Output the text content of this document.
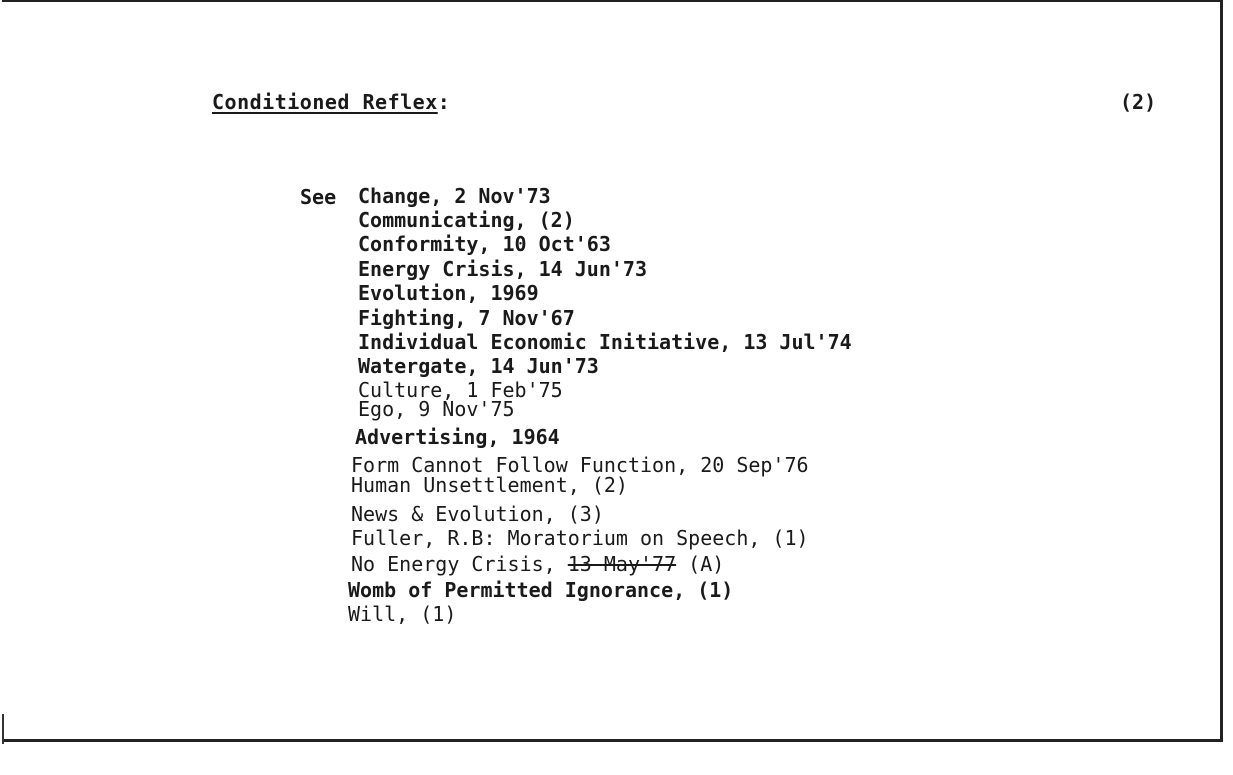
Conditioned Reflex:	(2)
See Change, 2 Nov'73
Communicating, (2)
Conformity, 10 Oct'63
Energy Crisis, 14 Jun'73
Evolution, 1969
Fighting, 7 Nov'67
Individual Economic Initiative, 13 Jul'74
Watergate, 14 Jun'73
Culture, 1 Feb'75
Ego, 9 Nov'75
Advertising, 1964
Form Cannot Follow Function, 20 Sep'76
Human Unsettlement, (2)
News & Evolution, (3)
Fuller, R.B: Moratorium on Speech, (1)
No Energy Crisis, 13 May'77 (A)
Womb of Permitted Ignorance, (1)
Will, (1)
